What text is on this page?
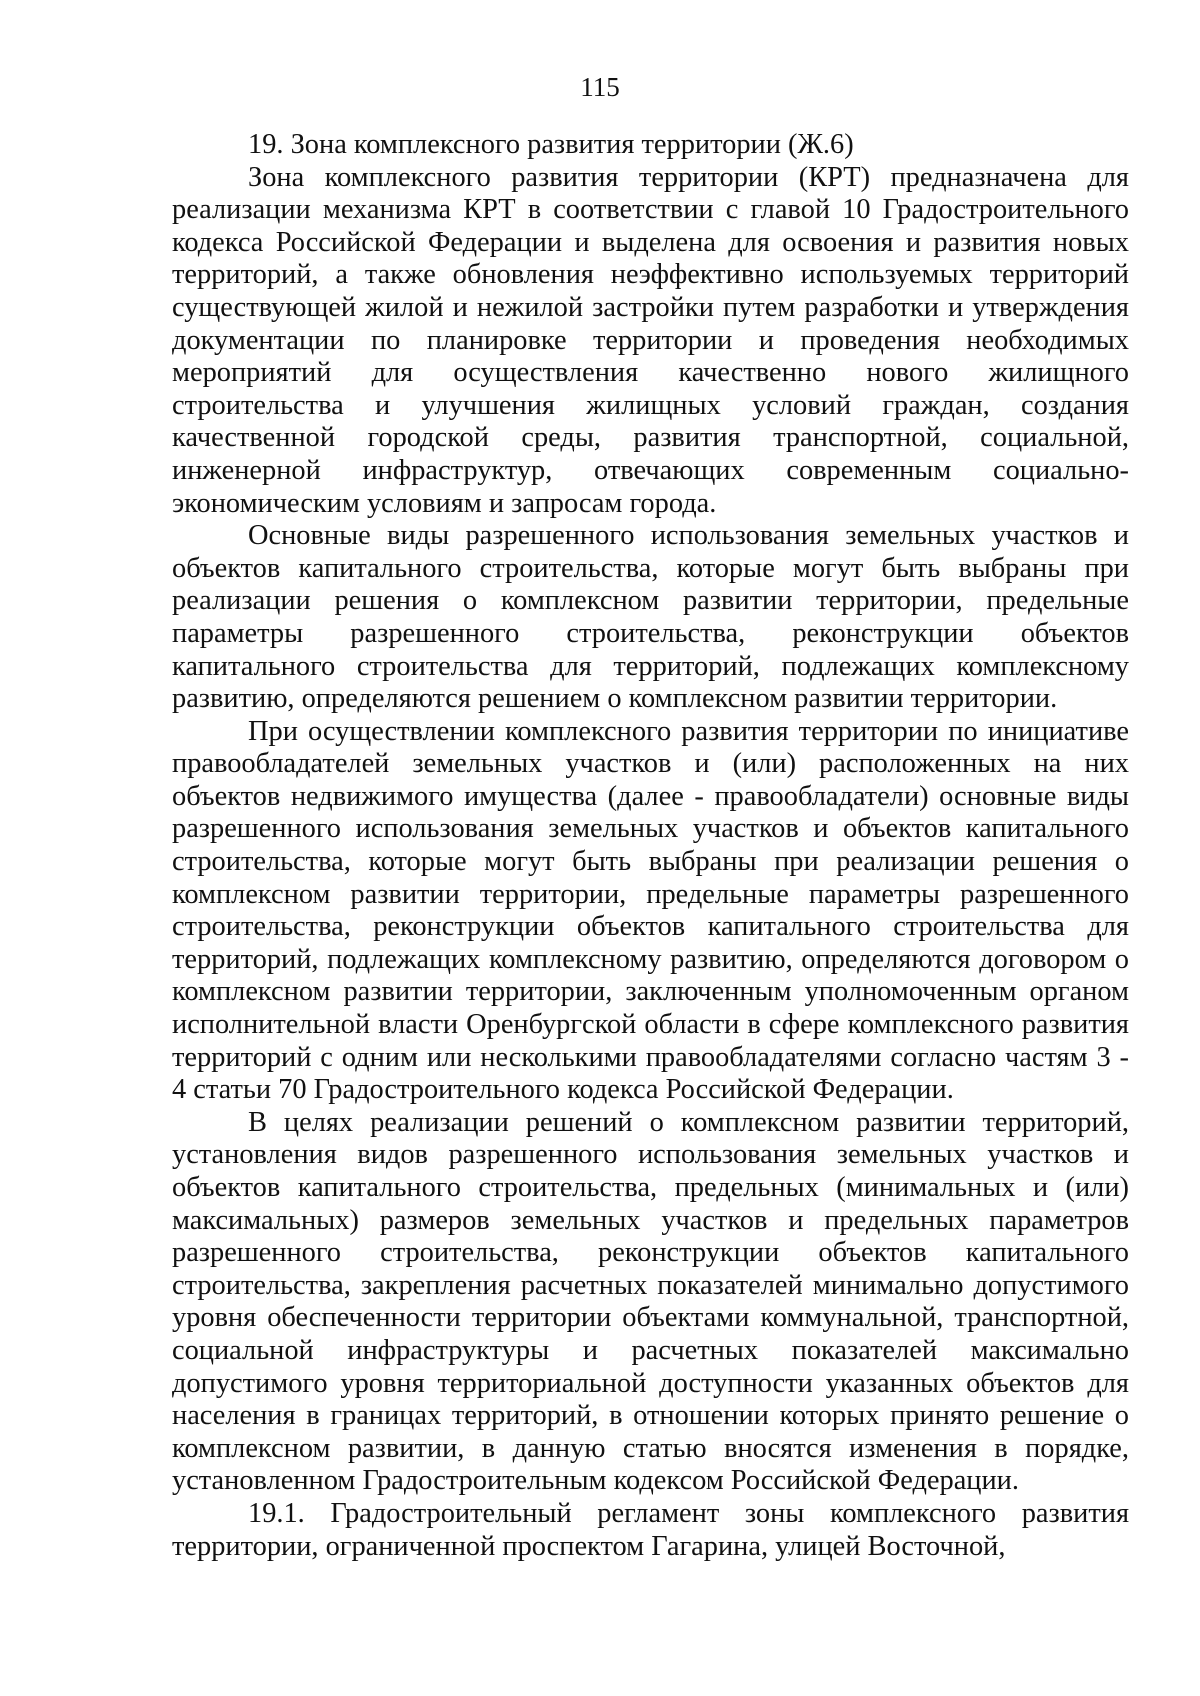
115

19. Зона комплексного развития территории (Ж.6)

Зона комплексного развития территории (КРТ) предназначена для реализации механизма КРТ в соответствии с главой 10 Градостроительного кодекса Российской Федерации и выделена для освоения и развития новых территорий, а также обновления неэффективно используемых территорий существующей жилой и нежилой застройки путем разработки и утверждения документации по планировке территории и проведения необходимых мероприятий для осуществления качественно нового жилищного строительства и улучшения жилищных условий граждан, создания качественной городской среды, развития транспортной, социальной, инженерной инфраструктур, отвечающих современным социально-экономическим условиям и запросам города.

Основные виды разрешенного использования земельных участков и объектов капитального строительства, которые могут быть выбраны при реализации решения о комплексном развитии территории, предельные параметры разрешенного строительства, реконструкции объектов капитального строительства для территорий, подлежащих комплексному развитию, определяются решением о комплексном развитии территории.

При осуществлении комплексного развития территории по инициативе правообладателей земельных участков и (или) расположенных на них объектов недвижимого имущества (далее - правообладатели) основные виды разрешенного использования земельных участков и объектов капитального строительства, которые могут быть выбраны при реализации решения о комплексном развитии территории, предельные параметры разрешенного строительства, реконструкции объектов капитального строительства для территорий, подлежащих комплексному развитию, определяются договором о комплексном развитии территории, заключенным уполномоченным органом исполнительной власти Оренбургской области в сфере комплексного развития территорий с одним или несколькими правообладателями согласно частям 3 - 4 статьи 70 Градостроительного кодекса Российской Федерации.

В целях реализации решений о комплексном развитии территорий, установления видов разрешенного использования земельных участков и объектов капитального строительства, предельных (минимальных и (или) максимальных) размеров земельных участков и предельных параметров разрешенного строительства, реконструкции объектов капитального строительства, закрепления расчетных показателей минимально допустимого уровня обеспеченности территории объектами коммунальной, транспортной, социальной инфраструктуры и расчетных показателей максимально допустимого уровня территориальной доступности указанных объектов для населения в границах территорий, в отношении которых принято решение о комплексном развитии, в данную статью вносятся изменения в порядке, установленном Градостроительным кодексом Российской Федерации.

19.1. Градостроительный регламент зоны комплексного развития территории, ограниченной проспектом Гагарина, улицей Восточной,
